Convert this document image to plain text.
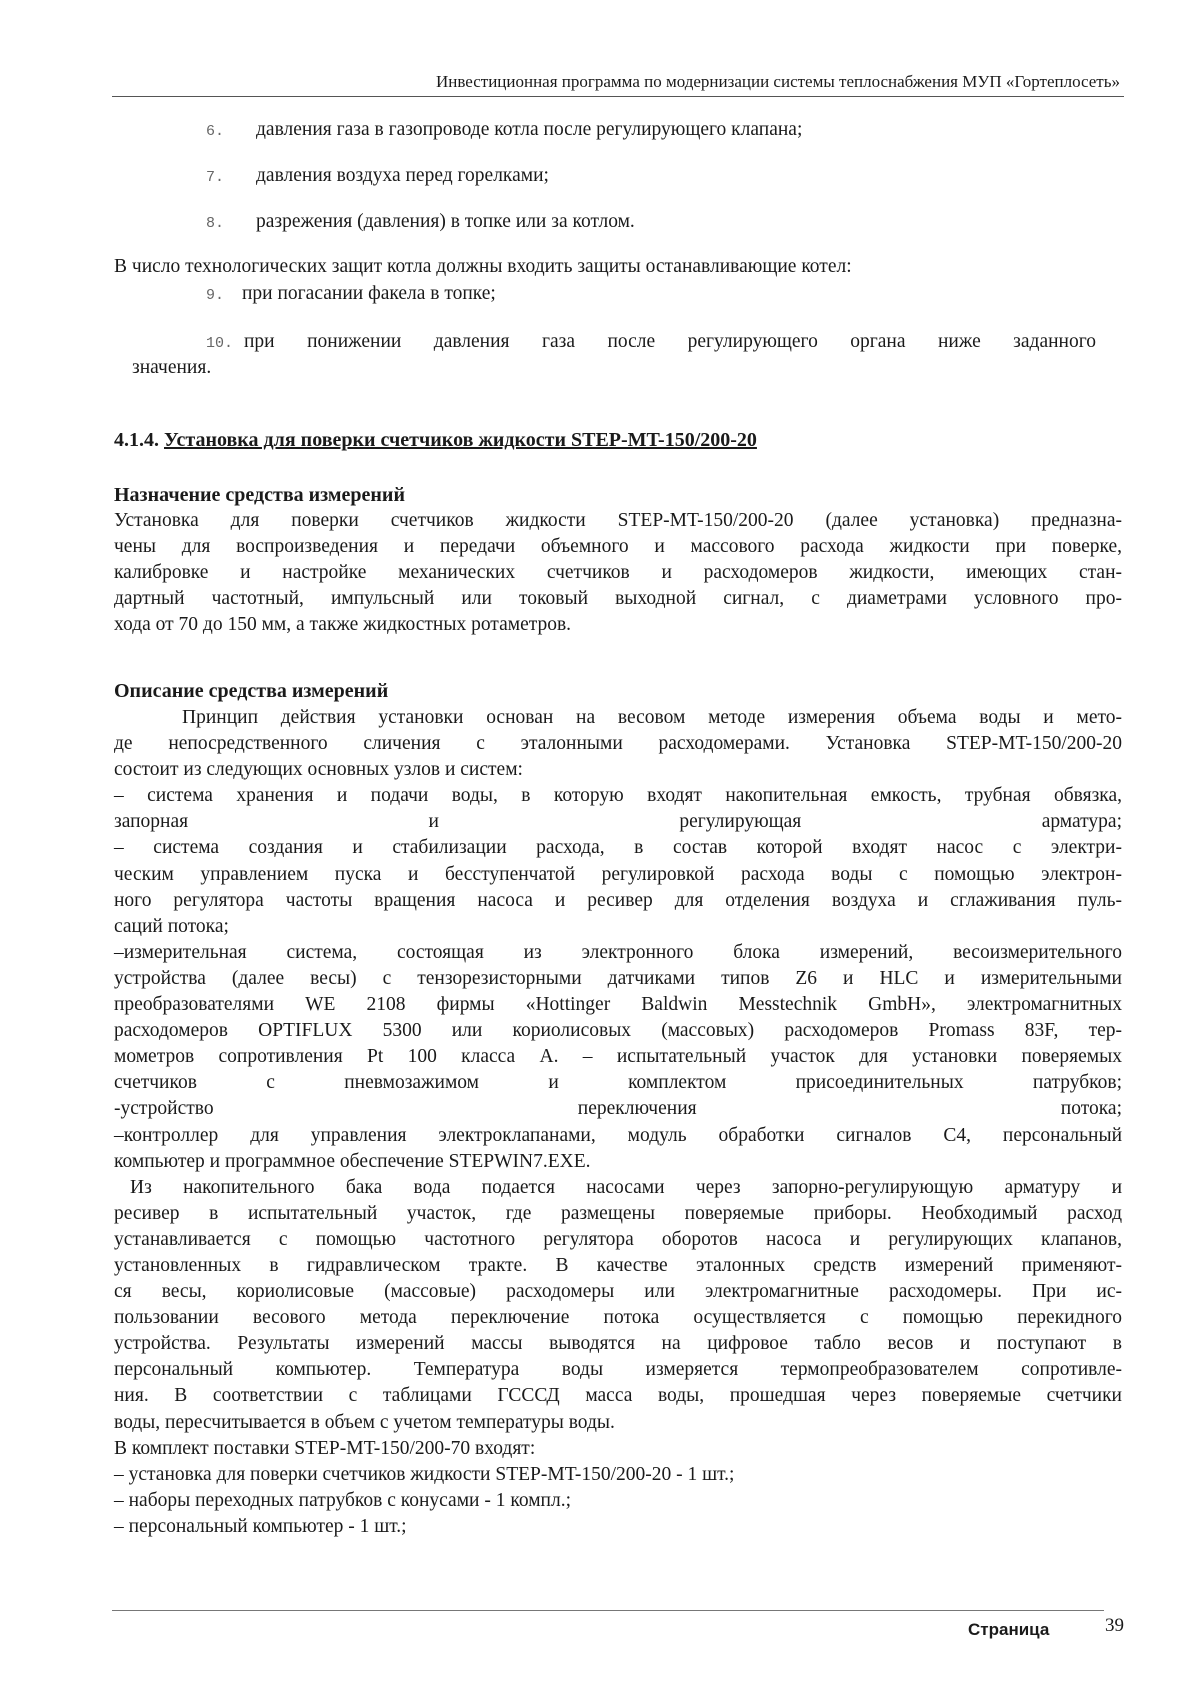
Инвестиционная программа по модернизации системы теплоснабжения МУП «Гортеплосеть»
6. давления газа в газопроводе котла после регулирующего клапана;
7. давления воздуха перед горелками;
8. разрежения (давления) в топке или за котлом.
В число технологических защит котла должны входить защиты останавливающие котел:
9. при погасании факела в топке;
10. при понижении давления газа после регулирующего органа ниже заданного
значения.
4.1.4. Установка для поверки счетчиков жидкости STEP-MT-150/200-20
Назначение средства измерений
Установка для поверки счетчиков жидкости STEP-MT-150/200-20 (далее установка) предназна-
чены для воспроизведения и передачи объемного и массового расхода жидкости при поверке,
калибровке и настройке механических счетчиков и расходомеров жидкости, имеющих стан-
дартный частотный, импульсный или токовый выходной сигнал, с диаметрами условного про-
хода от 70 до 150 мм, а также жидкостных ротаметров.
Описание средства измерений
Принцип действия установки основан на весовом методе измерения объема воды и мето-
де непосредственного сличения с эталонными расходомерами. Установка STEP-MT-150/200-20
состоит из следующих основных узлов и систем:
– система хранения и подачи воды, в которую входят накопительная емкость, трубная обвязка,
запорная	и	регулирующая	арматура;
– система создания и стабилизации расхода, в состав которой входят насос с электри-
ческим управлением пуска и бесступенчатой регулировкой расхода воды с помощью электрон-
ного регулятора частоты вращения насоса и ресивер для отделения воздуха и сглаживания пуль-
саций потока;
–измерительная система, состоящая из электронного блока измерений, весоизмерительного
устройства (далее весы) с тензорезисторными датчиками типов Z6 и HLC и измерительными
преобразователями WE 2108 фирмы «Hottinger Baldwin Messtechnik GmbH», электромагнитных
расходомеров OPTIFLUX 5300 или кориолисовых (массовых) расходомеров Promass 83F, тер-
мометров сопротивления Pt 100 класса А. – испытательный участок для установки поверяемых
счетчиков с пневмозажимом и комплектом присоединительных патрубков;
-устройство переключения потока;
–контроллер для управления электроклапанами, модуль обработки сигналов С4, персональный
компьютер и программное обеспечение STEPWIN7.EXE.
Из накопительного бака вода подается насосами через запорно-регулирующую арматуру и
ресивер в испытательный участок, где размещены поверяемые приборы. Необходимый расход
устанавливается с помощью частотного регулятора оборотов насоса и регулирующих клапанов,
установленных в гидравлическом тракте. В качестве эталонных средств измерений применяют-
ся весы, кориолисовые (массовые) расходомеры или электромагнитные расходомеры. При ис-
пользовании весового метода переключение потока осуществляется с помощью перекидного
устройства. Результаты измерений массы выводятся на цифровое табло весов и поступают в
персональный компьютер. Температура воды измеряется термопреобразователем сопротивле-
ния. В соответствии с таблицами ГСССД масса воды, прошедшая через поверяемые счетчики
воды, пересчитывается в объем с учетом температуры воды.
В комплект поставки STEP-MT-150/200-70 входят:
– установка для поверки счетчиков жидкости STEP-MT-150/200-20 - 1 шт.;
– наборы переходных патрубков с конусами - 1 компл.;
– персональный компьютер - 1 шт.;
Страница	39
